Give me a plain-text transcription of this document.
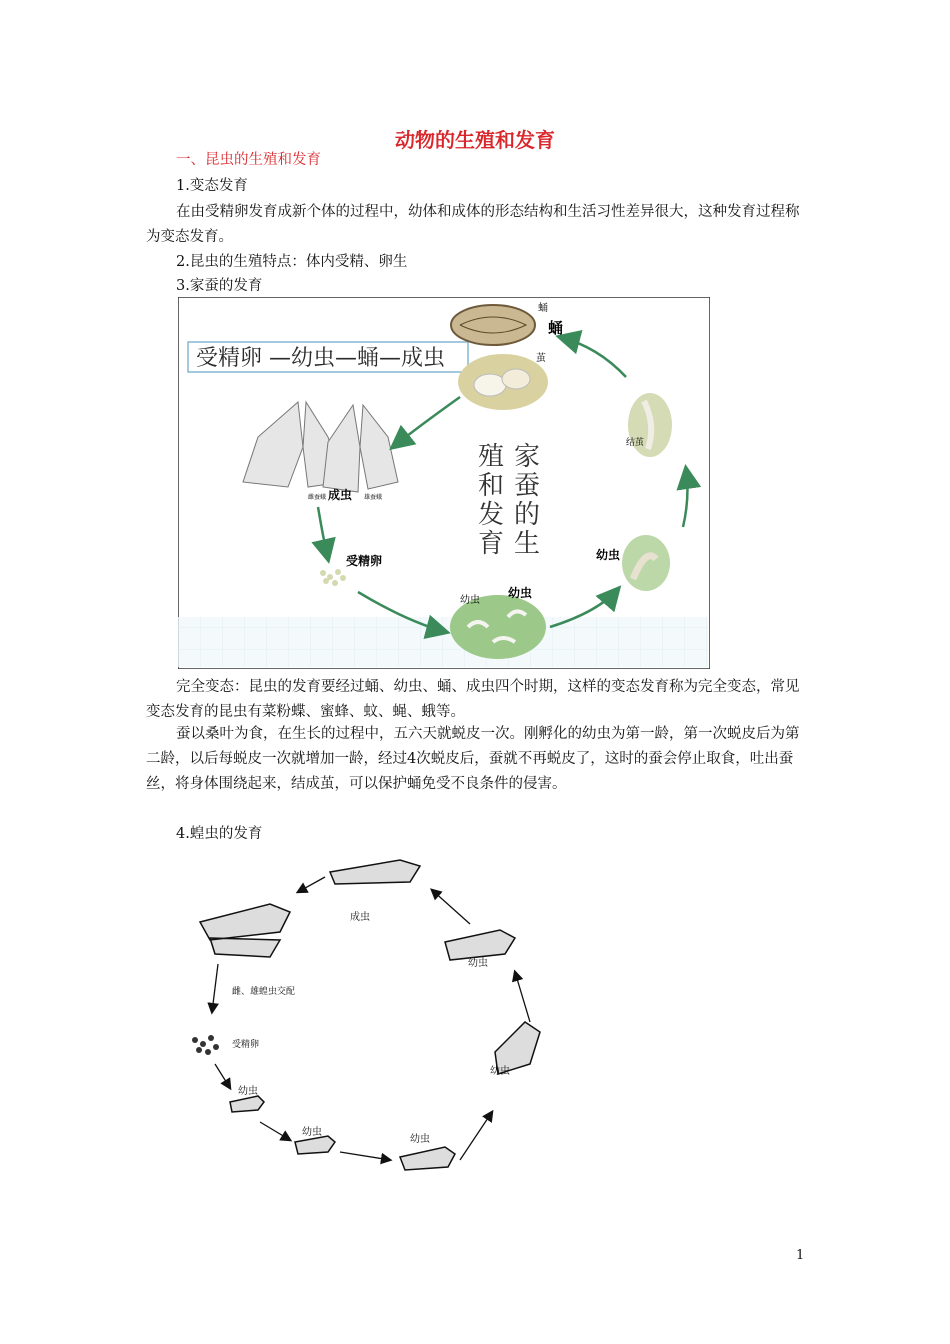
动物的生殖和发育

一、昆虫的生殖和发育

1.变态发育

在由受精卵发育成新个体的过程中，幼体和成体的形态结构和生活习性差异很大，这种发育过程称为变态发育。

2.昆虫的生殖特点：体内受精、卵生

3.家蚕的发育

受精卵 —幼虫—蛹—成虫
蛹
蛹
茧
雌蚕蛾 成虫 雄蚕蛾
受精卵
幼虫
幼虫
幼虫
结茧
家 蚕 的 生
殖 和 发 育

完全变态：昆虫的发育要经过蛹、幼虫、蛹、成虫四个时期，这样的变态发育称为完全变态，常见变态发育的昆虫有菜粉蝶、蜜蜂、蚊、蝇、蛾等。

蚕以桑叶为食，在生长的过程中，五六天就蜕皮一次。刚孵化的幼虫为第一龄，第一次蜕皮后为第二龄，以后每蜕皮一次就增加一龄，经过4次蜕皮后，蚕就不再蜕皮了，这时的蚕会停止取食，吐出蚕丝，将身体围绕起来，结成茧，可以保护蛹免受不良条件的侵害。

4.蝗虫的发育

成虫
雌、雄蝗虫交配
受精卵
幼虫
幼虫
幼虫
幼虫
幼虫
1
